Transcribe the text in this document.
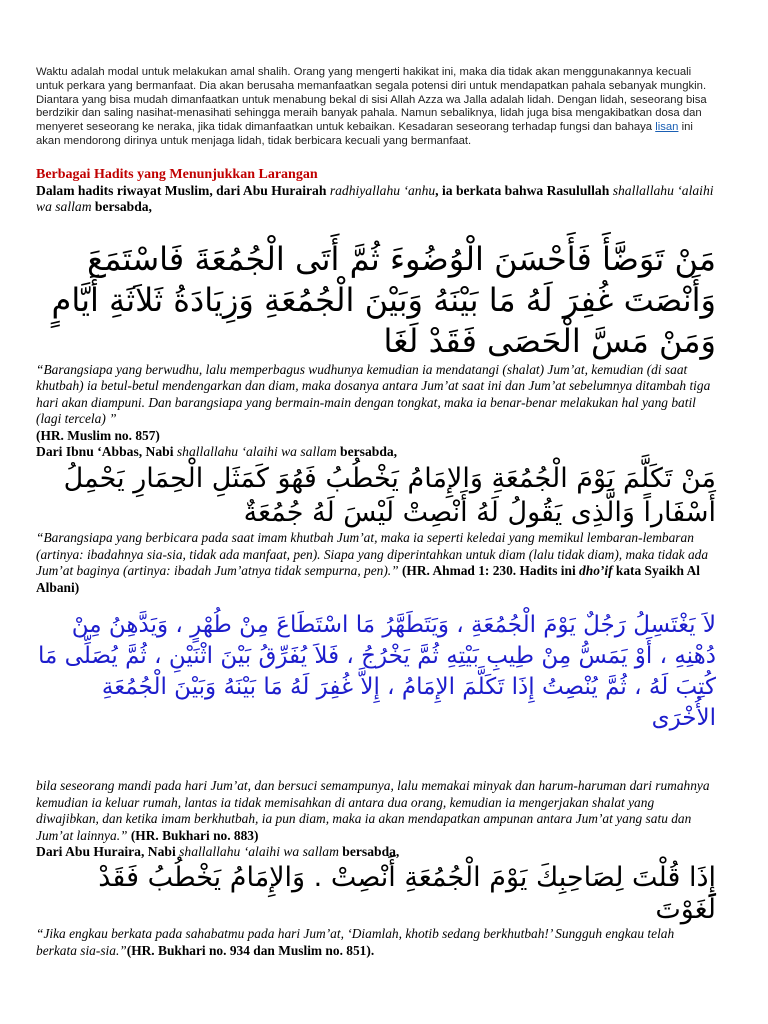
Waktu adalah modal untuk melakukan amal shalih. Orang yang mengerti hakikat ini, maka dia tidak akan menggunakannya kecuali untuk perkara yang bermanfaat. Dia akan berusaha memanfaatkan segala potensi diri untuk mendapatkan pahala sebanyak mungkin. Diantara yang bisa mudah dimanfaatkan untuk menabung bekal di sisi Allah Azza wa Jalla adalah lidah. Dengan lidah, seseorang bisa berdzikir dan saling nasihat-menasihati sehingga meraih banyak pahala. Namun sebaliknya, lidah juga bisa mengakibatkan dosa dan menyeret seseorang ke neraka, jika tidak dimanfaatkan untuk kebaikan. Kesadaran seseorang terhadap fungsi dan bahaya lisan ini akan mendorong dirinya untuk menjaga lidah, tidak berbicara kecuali yang bermanfaat.

Berbagai Hadits yang Menunjukkan Larangan

Dalam hadits riwayat Muslim, dari Abu Hurairah radhiyallahu ‘anhu, ia berkata bahwa Rasulullah shallallahu ‘alaihi wa sallam bersabda,

مَنْ تَوَضَّأَ فَأَحْسَنَ الْوُضُوءَ ثُمَّ أَتَى الْجُمُعَةَ فَاسْتَمَعَ وَأَنْصَتَ غُفِرَ لَهُ مَا بَيْنَهُ وَبَيْنَ الْجُمُعَةِ وَزِيَادَةُ ثَلاَثَةِ أَيَّامٍ وَمَنْ مَسَّ الْحَصَى فَقَدْ لَغَا

“Barangsiapa yang berwudhu, lalu memperbagus wudhunya kemudian ia mendatangi (shalat) Jum’at, kemudian (di saat khutbah) ia betul-betul mendengarkan dan diam, maka dosanya antara Jum’at saat ini dan Jum’at sebelumnya ditambah tiga hari akan diampuni. Dan barangsiapa yang bermain-main dengan tongkat, maka ia benar-benar melakukan hal yang batil (lagi tercela) ”
(HR. Muslim no. 857)

Dari Ibnu ‘Abbas, Nabi shallallahu ‘alaihi wa sallam bersabda,

مَنْ تَكَلَّمَ يَوْمَ الْجُمُعَةِ وَالإِمَامُ يَخْطُبُ فَهُوَ كَمَثَلِ الْحِمَارِ يَحْمِلُ أَسْفَاراً وَالَّذِى يَقُولُ لَهُ أَنْصِتْ لَيْسَ لَهُ جُمُعَةٌ

“Barangsiapa yang berbicara pada saat imam khutbah Jum’at, maka ia seperti keledai yang memikul lembaran-lembaran (artinya: ibadahnya sia-sia, tidak ada manfaat, pen). Siapa yang diperintahkan untuk diam (lalu tidak diam), maka tidak ada Jum’at baginya (artinya: ibadah Jum’atnya tidak sempurna, pen).” (HR. Ahmad 1: 230. Hadits ini dho’if kata Syaikh Al Albani)

لاَ يَغْتَسِلُ رَجُلٌ يَوْمَ الْجُمُعَةِ ، وَيَتَطَهَّرُ مَا اسْتَطَاعَ مِنْ طُهْرٍ ، وَيَدَّهِنُ مِنْ دُهْنِهِ ، أَوْ يَمَسُّ مِنْ طِيبِ بَيْتِهِ ثُمَّ يَخْرُجُ ، فَلاَ يُفَرِّقُ بَيْنَ اثْنَيْنِ ، ثُمَّ يُصَلِّى مَا كُتِبَ لَهُ ، ثُمَّ يُنْصِتُ إِذَا تَكَلَّمَ الإِمَامُ ، إِلاَّ غُفِرَ لَهُ مَا بَيْنَهُ وَبَيْنَ الْجُمُعَةِ الأُخْرَى

bila seseorang mandi pada hari Jum’at, dan bersuci semampunya, lalu memakai minyak dan harum-haruman dari rumahnya kemudian ia keluar rumah, lantas ia tidak memisahkan di antara dua orang, kemudian ia mengerjakan shalat yang diwajibkan, dan ketika imam berkhutbah, ia pun diam, maka ia akan mendapatkan ampunan antara Jum’at yang satu dan Jum’at lainnya.” (HR. Bukhari no. 883)

Dari Abu Huraira, Nabi shallallahu ‘alaihi wa sallam bersabda,

إِذَا قُلْتَ لِصَاحِبِكَ يَوْمَ الْجُمُعَةِ أَنْصِتْ . وَالإِمَامُ يَخْطُبُ فَقَدْ لَغَوْتَ

“Jika engkau berkata pada sahabatmu pada hari Jum’at, ‘Diamlah, khotib sedang berkhutbah!’ Sungguh engkau telah berkata sia-sia.”(HR. Bukhari no. 934 dan Muslim no. 851).
